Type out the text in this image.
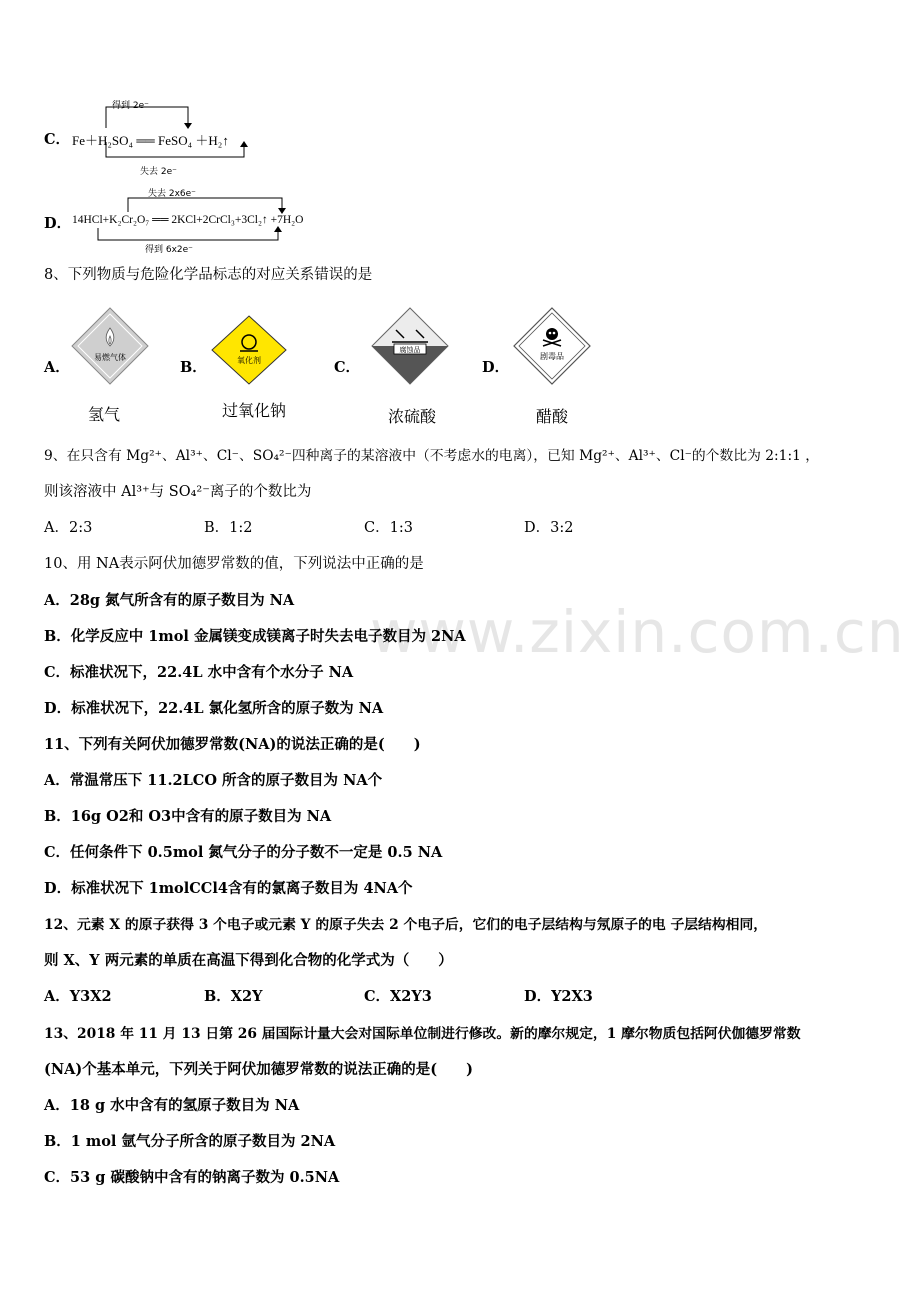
www.zixin.com.cn
C．
得到 2e⁻
Fe＋H₂SO₄ ══ FeSO₄ ＋H₂↑
失去 2e⁻
D．
失去 2x6e⁻
14HCl+K₂Cr₂O₇ ══ 2KCl+2CrCl₃+3Cl₂↑ +7H₂O
得到 6x2e⁻
8、下列物质与危险化学品标志的对应关系错误的是
A．
易燃气体
氢气
B．	氧化剂
过氧化钠
C．
腐蚀品
浓硫酸
D．
剧毒品
醋酸
9、在只含有 Mg²⁺、Al³⁺、Cl⁻、SO₄²⁻四种离子的某溶液中（不考虑水的电离），已知 Mg²⁺、Al³⁺、Cl⁻的个数比为 2:1:1 ，
则该溶液中 Al³⁺与 SO₄²⁻离子的个数比为
A．2:3	B．1:2	C．1:3	D．3:2
10、用 NA表示阿伏加德罗常数的值，下列说法中正确的是
A．28g 氮气所含有的原子数目为 NA
B．化学反应中 1mol 金属镁变成镁离子时失去电子数目为 2NA
C．标准状况下，22.4L 水中含有个水分子 NA
D．标准状况下，22.4L 氯化氢所含的原子数为 NA
11、下列有关阿伏加德罗常数(NA)的说法正确的是(　　)
A．常温常压下 11.2LCO 所含的原子数目为 NA个
B．16g O2和 O3中含有的原子数目为 NA
C．任何条件下 0.5mol 氮气分子的分子数不一定是 0.5 NA
D．标准状况下 1molCCl4含有的氯离子数目为 4NA个
12、元素 X 的原子获得 3 个电子或元素 Y 的原子失去 2 个电子后，它们的电子层结构与氖原子的电 子层结构相同，
则 X、Y 两元素的单质在高温下得到化合物的化学式为（　　）
A．Y3X2	B．X2Y	C．X2Y3	D．Y2X3
13、2018 年 11 月 13 日第 26 届国际计量大会对国际单位制进行修改。新的摩尔规定，1 摩尔物质包括阿伏伽德罗常数
(NA)个基本单元，下列关于阿伏加德罗常数的说法正确的是(　　)
A．18 g 水中含有的氢原子数目为 NA
B．1 mol 氩气分子所含的原子数目为 2NA
C．53 g 碳酸钠中含有的钠离子数为 0.5NA
